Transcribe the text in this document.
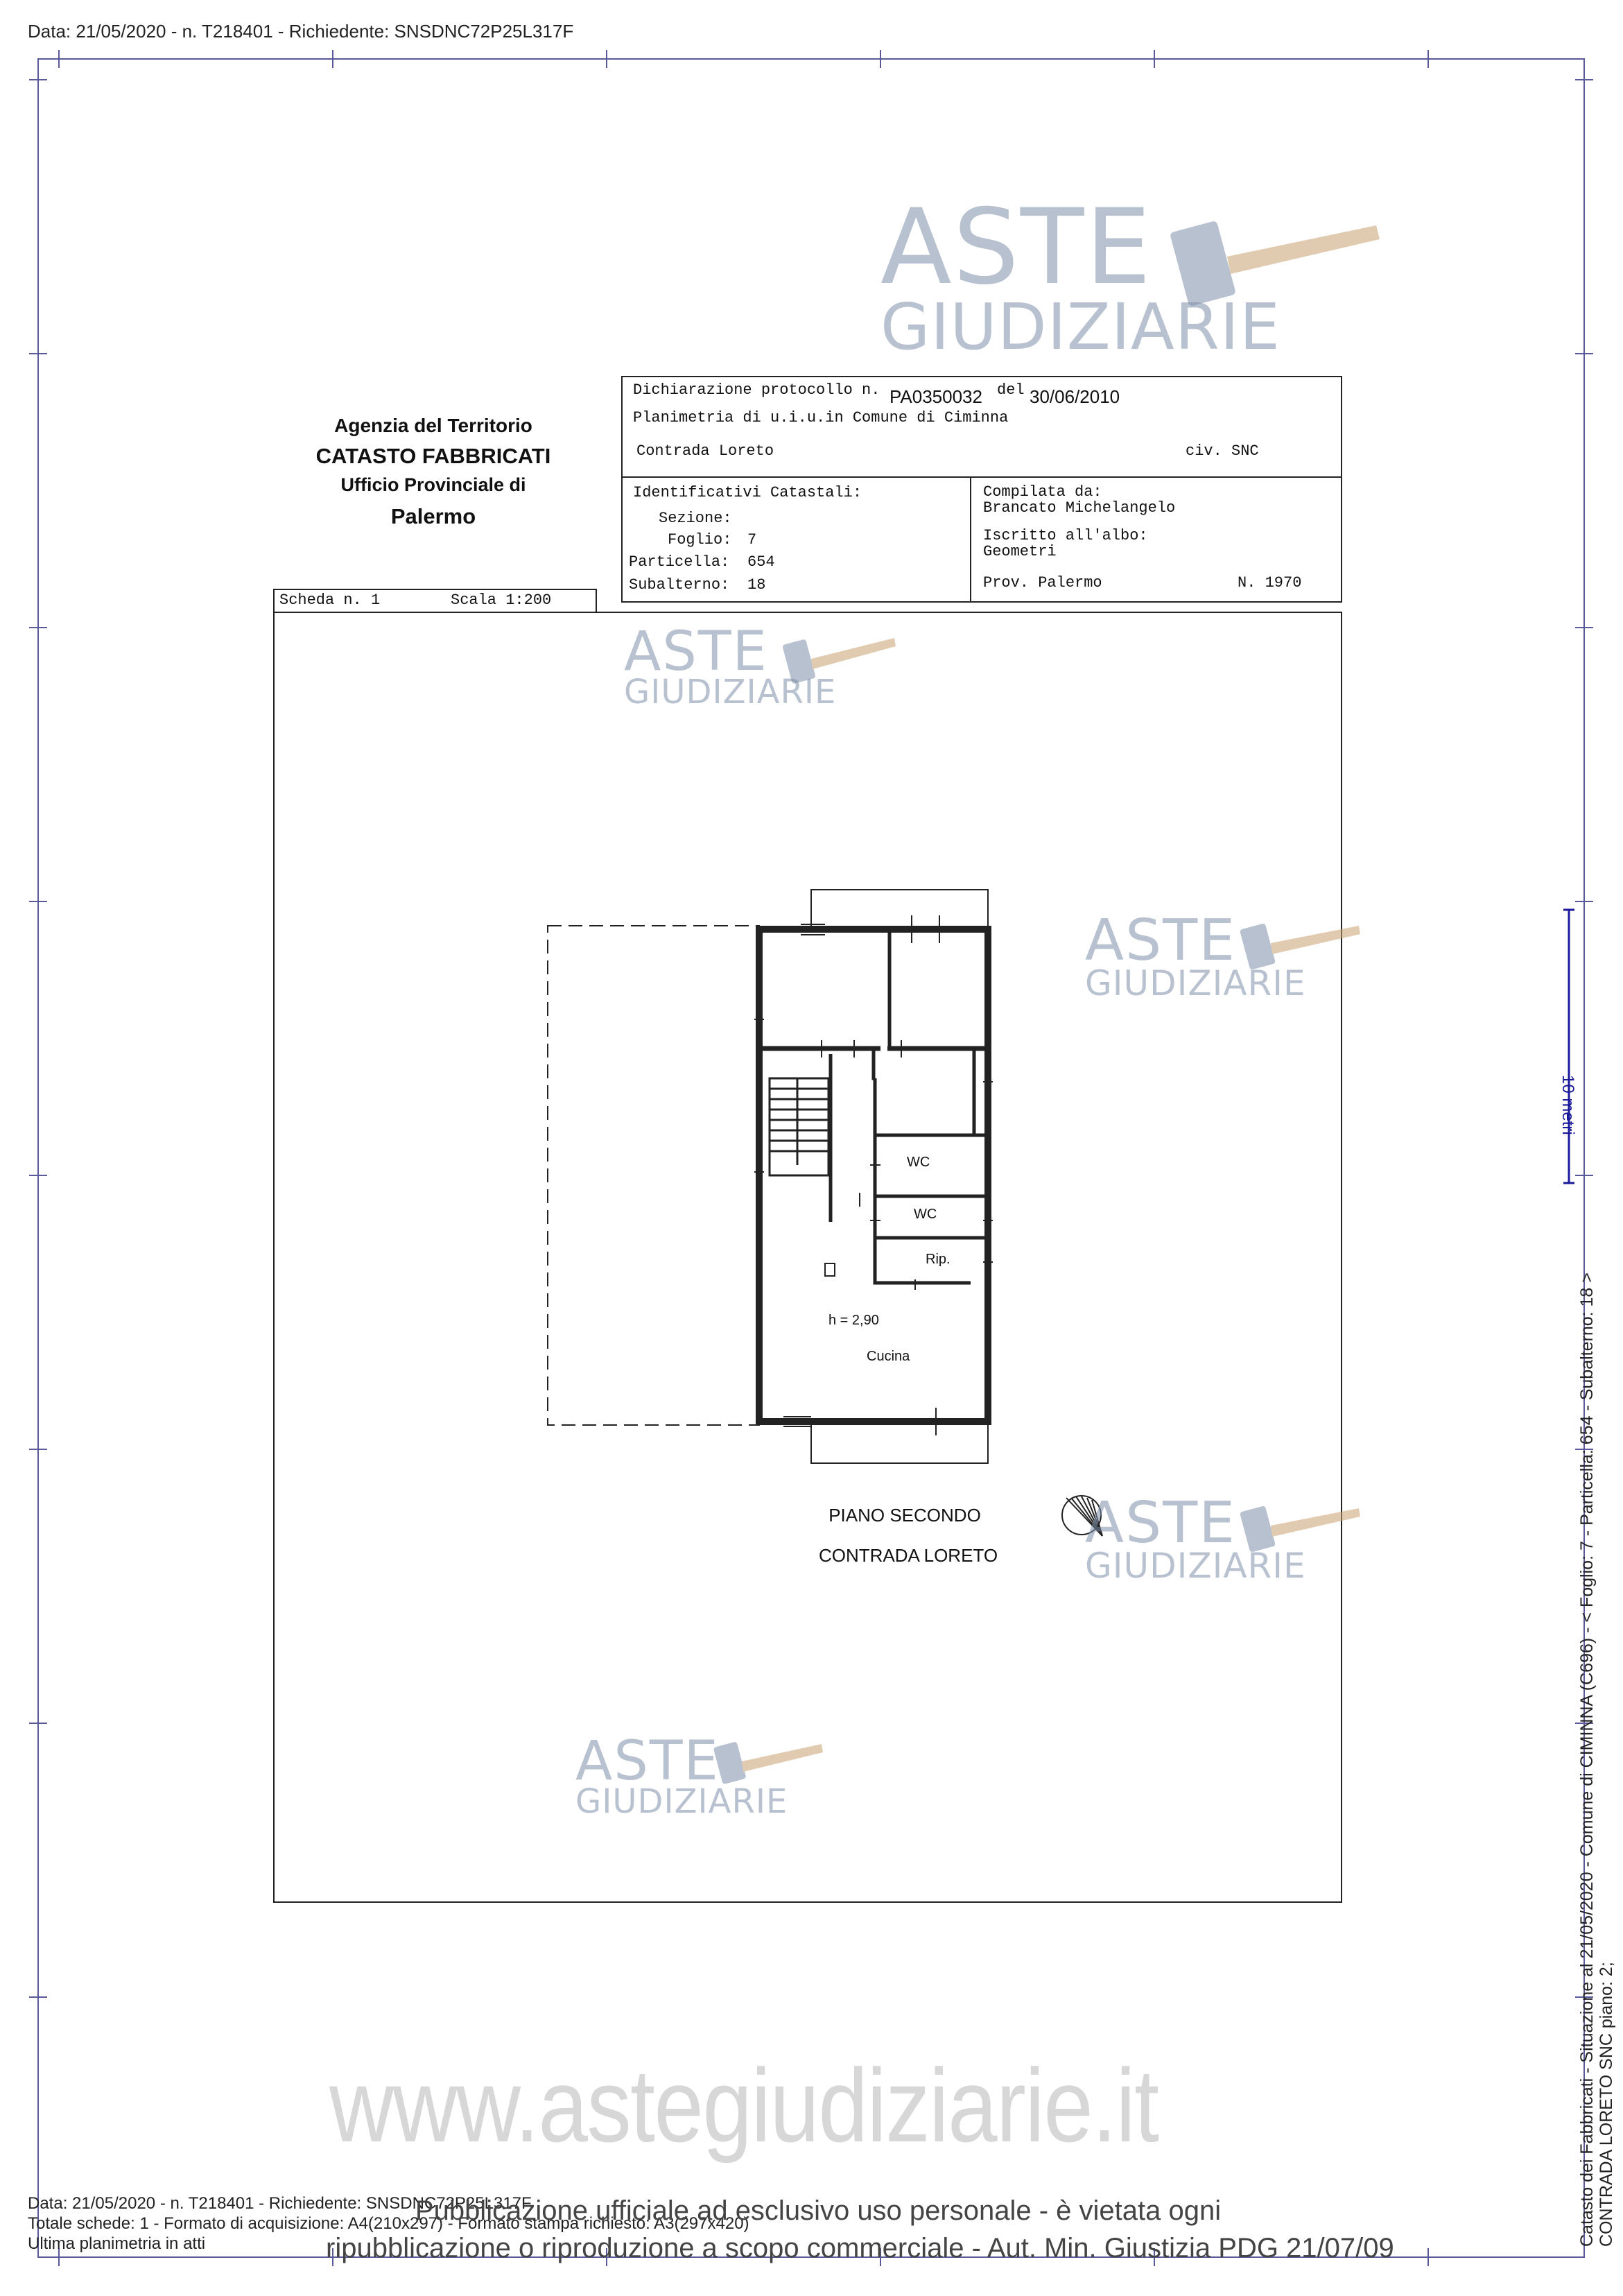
Data: 21/05/2020 - n. T218401 - Richiedente: SNSDNC72P25L317F
ASTE
GIUDIZIARIE
ASTE
GIUDIZIARIE
ASTE
GIUDIZIARIE
ASTE
GIUDIZIARIE
ASTE
GIUDIZIARIE
Agenzia del Territorio
CATASTO FABBRICATI
Ufficio Provinciale di
Palermo
Dichiarazione protocollo n. PA0350032 del 30/06/2010
Planimetria di u.i.u.in Comune di Ciminna
Contrada Loreto	civ. SNC
Identificativi Catastali:
Sezione:
Foglio: 7
Particella: 654
Subalterno: 18
Compilata da:
Brancato Michelangelo
Iscritto all'albo:
Geometri
Prov. Palermo	N. 1970
Scheda n. 1	Scala 1:200
WC
WC
Rip.
h = 2,90
Cucina
PIANO SECONDO
CONTRADA LORETO
10 metri
www.astegiudiziarie.it
Data: 21/05/2020 - n. T218401 - Richiedente: SNSDNC72P25L317F
Totale schede: 1 - Formato di acquisizione: A4(210x297) - Formato stampa richiesto: A3(297x420)
Ultima planimetria in atti
Pubblicazione ufficiale ad esclusivo uso personale - è vietata ogni
ripubblicazione o riproduzione a scopo commerciale - Aut. Min. Giustizia PDG 21/07/09
Catasto dei Fabbricati - Situazione al 21/05/2020 - Comune di CIMINNA (C696) - < Foglio: 7 - Particella: 654 - Subalterno: 18 > CONTRADA LORETO SNC piano: 2;
